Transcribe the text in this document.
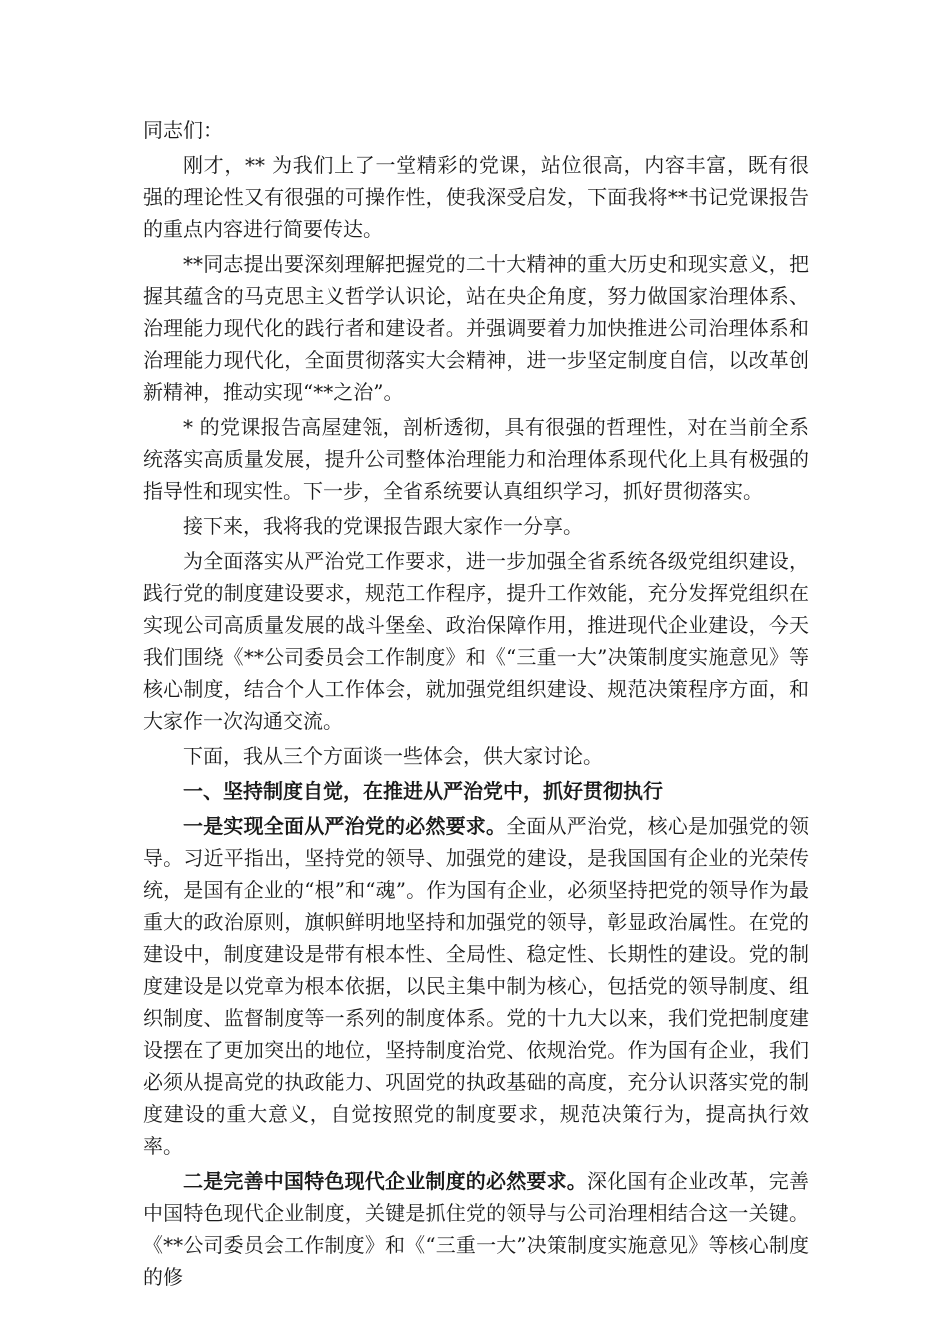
同志们：

刚才，** 为我们上了一堂精彩的党课，站位很高，内容丰富，既有很强的理论性又有很强的可操作性，使我深受启发，下面我将**书记党课报告的重点内容进行简要传达。

**同志提出要深刻理解把握党的二十大精神的重大历史和现实意义，把握其蕴含的马克思主义哲学认识论，站在央企角度，努力做国家治理体系、治理能力现代化的践行者和建设者。并强调要着力加快推进公司治理体系和治理能力现代化，全面贯彻落实大会精神，进一步坚定制度自信，以改革创新精神，推动实现“**之治”。

* 的党课报告高屋建瓴，剖析透彻，具有很强的哲理性，对在当前全系统落实高质量发展，提升公司整体治理能力和治理体系现代化上具有极强的指导性和现实性。下一步，全省系统要认真组织学习，抓好贯彻落实。

接下来，我将我的党课报告跟大家作一分享。

为全面落实从严治党工作要求，进一步加强全省系统各级党组织建设，践行党的制度建设要求，规范工作程序，提升工作效能，充分发挥党组织在实现公司高质量发展的战斗堡垒、政治保障作用，推进现代企业建设，今天我们围绕《**公司委员会工作制度》和《“三重一大”决策制度实施意见》等核心制度，结合个人工作体会，就加强党组织建设、规范决策程序方面，和大家作一次沟通交流。

下面，我从三个方面谈一些体会，供大家讨论。

一、坚持制度自觉，在推进从严治党中，抓好贯彻执行

一是实现全面从严治党的必然要求。全面从严治党，核心是加强党的领导。习近平指出，坚持党的领导、加强党的建设，是我国国有企业的光荣传统，是国有企业的“根”和“魂”。作为国有企业，必须坚持把党的领导作为最重大的政治原则，旗帜鲜明地坚持和加强党的领导，彰显政治属性。在党的建设中，制度建设是带有根本性、全局性、稳定性、长期性的建设。党的制度建设是以党章为根本依据，以民主集中制为核心，包括党的领导制度、组织制度、监督制度等一系列的制度体系。党的十九大以来，我们党把制度建设摆在了更加突出的地位，坚持制度治党、依规治党。作为国有企业，我们必须从提高党的执政能力、巩固党的执政基础的高度，充分认识落实党的制度建设的重大意义，自觉按照党的制度要求，规范决策行为，提高执行效率。

二是完善中国特色现代企业制度的必然要求。深化国有企业改革，完善中国特色现代企业制度，关键是抓住党的领导与公司治理相结合这一关键。《**公司委员会工作制度》和《“三重一大”决策制度实施意见》等核心制度的修
